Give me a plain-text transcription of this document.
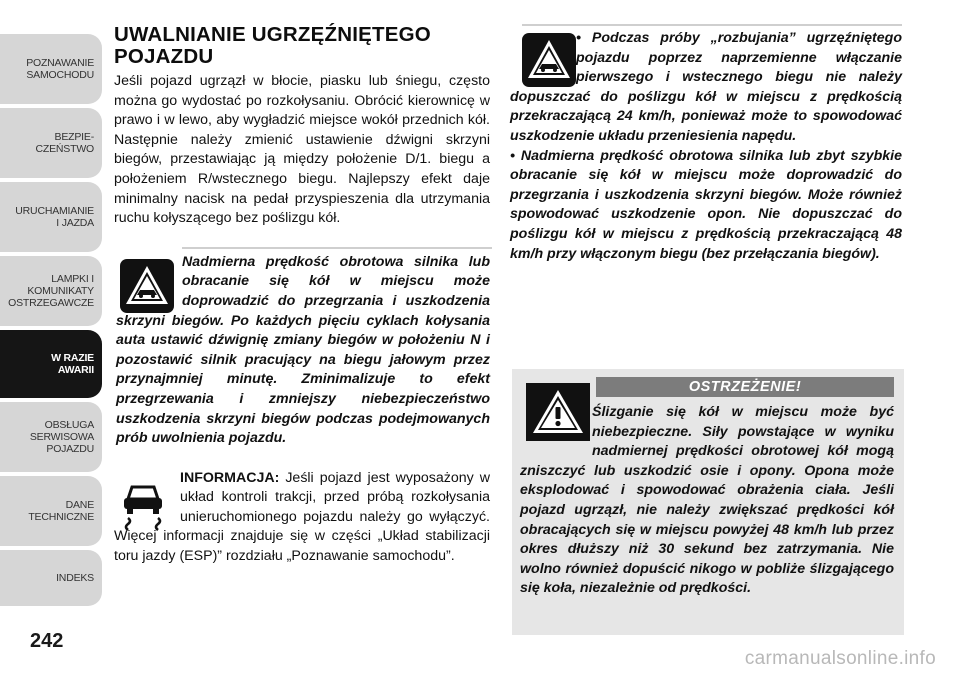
POZNAWANIE
SAMOCHODU
BEZPIE-
CZEŃSTWO
URUCHAMIANIE
I JAZDA
LAMPKI I
KOMUNIKATY
OSTRZEGAWCZE
W RAZIE
AWARII
OBSŁUGA
SERWISOWA
POJAZDU
DANE
TECHNICZNE
INDEKS
242
UWALNIANIE UGRZĘŹNIĘTEGO POJAZDU

Jeśli pojazd ugrzązł w błocie, piasku lub śniegu, często można go wydostać po rozkołysaniu. Obrócić kierownicę w prawo i w lewo, aby wygładzić miejsce wokół przednich kół. Następnie należy zmienić ustawienie dźwigni skrzyni biegów, przestawiając ją między położenie D/1. biegu a położeniem R/wstecznego biegu. Najlepszy efekt daje minimalny nacisk na pedał przyspieszenia dla utrzymania ruchu kołyszącego bez poślizgu kół.

Nadmierna prędkość obrotowa silnika lub obracanie się kół w miejscu może doprowadzić do przegrzania i uszkodzenia skrzyni biegów. Po każdych pięciu cyklach kołysania auta ustawić dźwignię zmiany biegów w położeniu N i pozostawić silnik pracujący na biegu jałowym przez przynajmniej minutę. Zminimalizuje to efekt przegrzewania i zmniejszy niebezpieczeństwo uszkodzenia skrzyni biegów podczas podejmowanych prób uwolnienia pojazdu.

INFORMACJA: Jeśli pojazd jest wyposażony w układ kontroli trakcji, przed próbą rozkołysania unieruchomionego pojazdu należy go wyłączyć. Więcej informacji znajduje się w części „Układ stabilizacji toru jazdy (ESP)” rozdziału „Poznawanie samochodu”.

• Podczas próby „rozbujania” ugrzęźniętego pojazdu poprzez naprzemienne włączanie pierwszego i wstecznego biegu nie należy dopuszczać do poślizgu kół w miejscu z prędkością przekraczającą 24 km/h, ponieważ może to spowodować uszkodzenie układu przeniesienia napędu.

• Nadmierna prędkość obrotowa silnika lub zbyt szybkie obracanie się kół w miejscu może doprowadzić do przegrzania i uszkodzenia skrzyni biegów. Może również spowodować uszkodzenie opon. Nie dopuszczać do poślizgu kół w miejscu z prędkością przekraczającą 48 km/h przy włączonym biegu (bez przełączania biegów).

OSTRZEŻENIE!

Ślizganie się kół w miejscu może być niebezpieczne. Siły powstające w wyniku nadmiernej prędkości obrotowej kół mogą zniszczyć lub uszkodzić osie i opony. Opona może eksplodować i spowodować obrażenia ciała. Jeśli pojazd ugrzązł, nie należy zwiększać prędkości kół obracających się w miejscu powyżej 48 km/h lub przez okres dłuższy niż 30 sekund bez zatrzymania. Nie wolno również dopuścić nikogo w pobliże ślizgającego się koła, niezależnie od prędkości.

carmanualsonline.info
